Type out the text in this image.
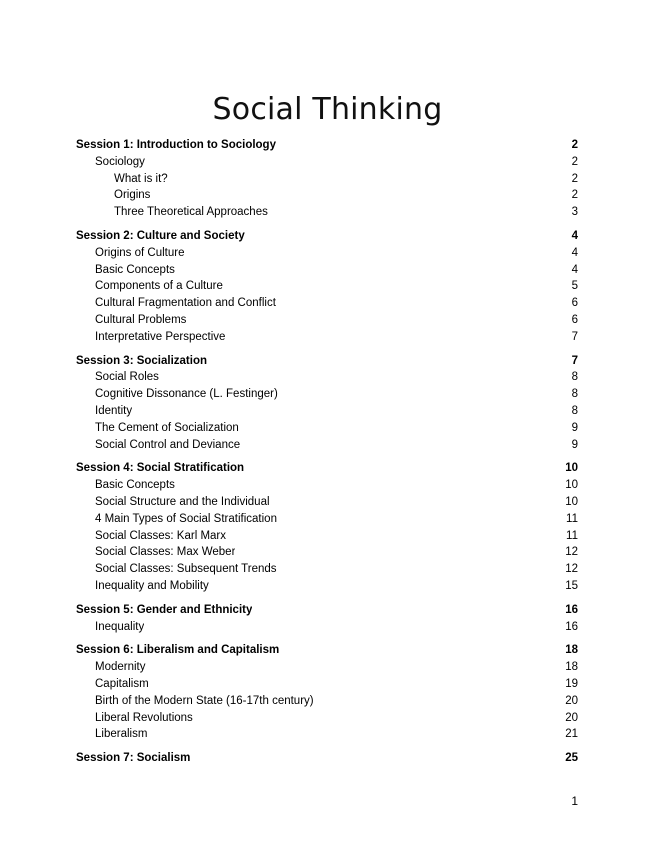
Social Thinking
Session 1: Introduction to Sociology	2
Sociology	2
What is it?	2
Origins	2
Three Theoretical Approaches	3
Session 2: Culture and Society	4
Origins of Culture	4
Basic Concepts	4
Components of a Culture	5
Cultural Fragmentation and Conflict	6
Cultural Problems	6
Interpretative Perspective	7
Session 3: Socialization	7
Social Roles	8
Cognitive Dissonance (L. Festinger)	8
Identity	8
The Cement of Socialization	9
Social Control and Deviance	9
Session 4: Social Stratification	10
Basic Concepts	10
Social Structure and the Individual	10
4 Main Types of Social Stratification	11
Social Classes: Karl Marx	11
Social Classes: Max Weber	12
Social Classes: Subsequent Trends	12
Inequality and Mobility	15
Session 5: Gender and Ethnicity	16
Inequality	16
Session 6: Liberalism and Capitalism	18
Modernity	18
Capitalism	19
Birth of the Modern State (16-17th century)	20
Liberal Revolutions	20
Liberalism	21
Session 7: Socialism	25
1
